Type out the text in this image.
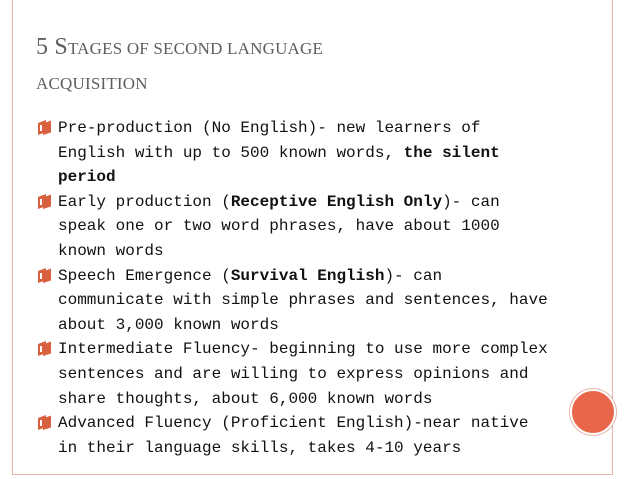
5 STAGES OF SECOND LANGUAGE
ACQUISITION
Pre-production (No English)- new learners of English with up to 500 known words, the silent period
Early production (Receptive English Only)- can speak one or two word phrases, have about 1000 known words
Speech Emergence (Survival English)- can communicate with simple phrases and sentences, have about 3,000 known words
Intermediate Fluency- beginning to use more complex sentences and are willing to express opinions and share thoughts, about 6,000 known words
Advanced Fluency (Proficient English)-near native in their language skills, takes 4-10 years
